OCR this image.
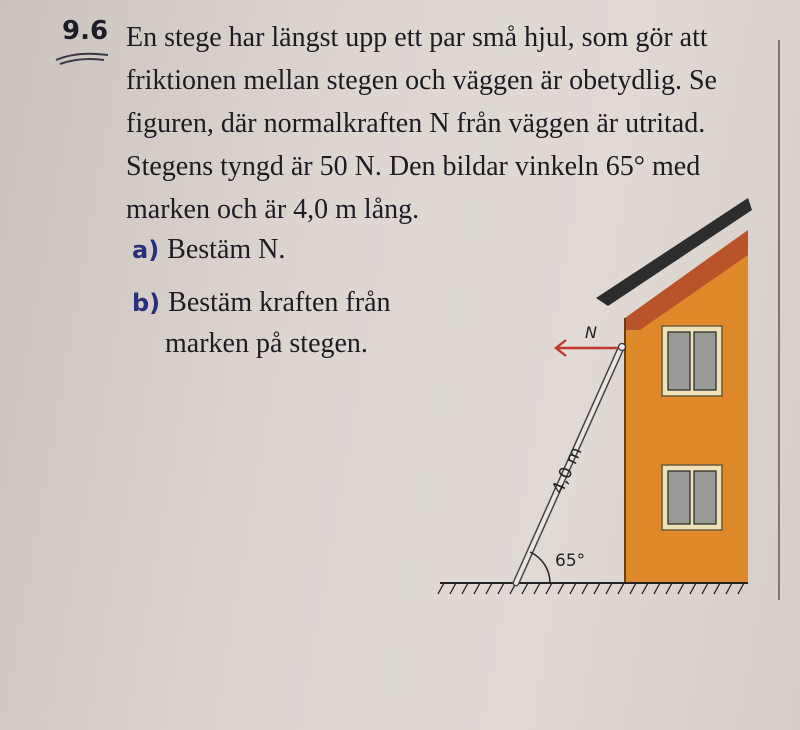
9.6 En stege har längst upp ett par små hjul, som gör att
friktionen mellan stegen och väggen är obetydlig. Se
figuren, där normalkraften N från väggen är utritad.
Stegens tyngd är 50 N. Den bildar vinkeln 65° med
marken och är 4,0 m lång.
a) Bestäm N.
b) Bestäm kraften från
marken på stegen.
65°
4,0 m
N
